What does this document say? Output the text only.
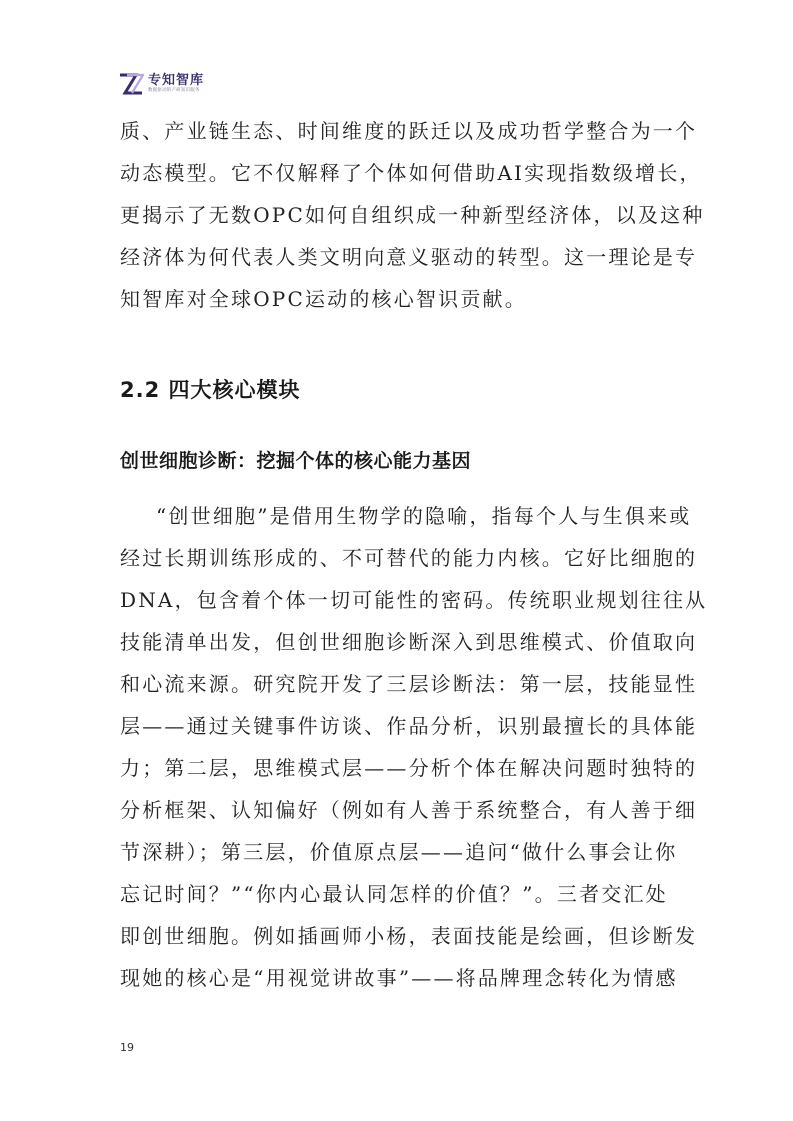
专知智库
数据驱动的产研知识服务

质、产业链生态、时间维度的跃迁以及成功哲学整合为一个
动态模型。它不仅解释了个体如何借助AI实现指数级增长，
更揭示了无数OPC如何自组织成一种新型经济体，以及这种
经济体为何代表人类文明向意义驱动的转型。这一理论是专
知智库对全球OPC运动的核心智识贡献。

2.2 四大核心模块
创世细胞诊断：挖掘个体的核心能力基因

“创世细胞”是借用生物学的隐喻，指每个人与生俱来或
经过长期训练形成的、不可替代的能力内核。它好比细胞的
DNA，包含着个体一切可能性的密码。传统职业规划往往从
技能清单出发，但创世细胞诊断深入到思维模式、价值取向
和心流来源。研究院开发了三层诊断法：第一层，技能显性
层——通过关键事件访谈、作品分析，识别最擅长的具体能
力；第二层，思维模式层——分析个体在解决问题时独特的
分析框架、认知偏好（例如有人善于系统整合，有人善于细
节深耕）；第三层，价值原点层——追问“做什么事会让你
忘记时间？”“你内心最认同怎样的价值？”。三者交汇处
即创世细胞。例如插画师小杨，表面技能是绘画，但诊断发
现她的核心是“用视觉讲故事”——将品牌理念转化为情感

19
